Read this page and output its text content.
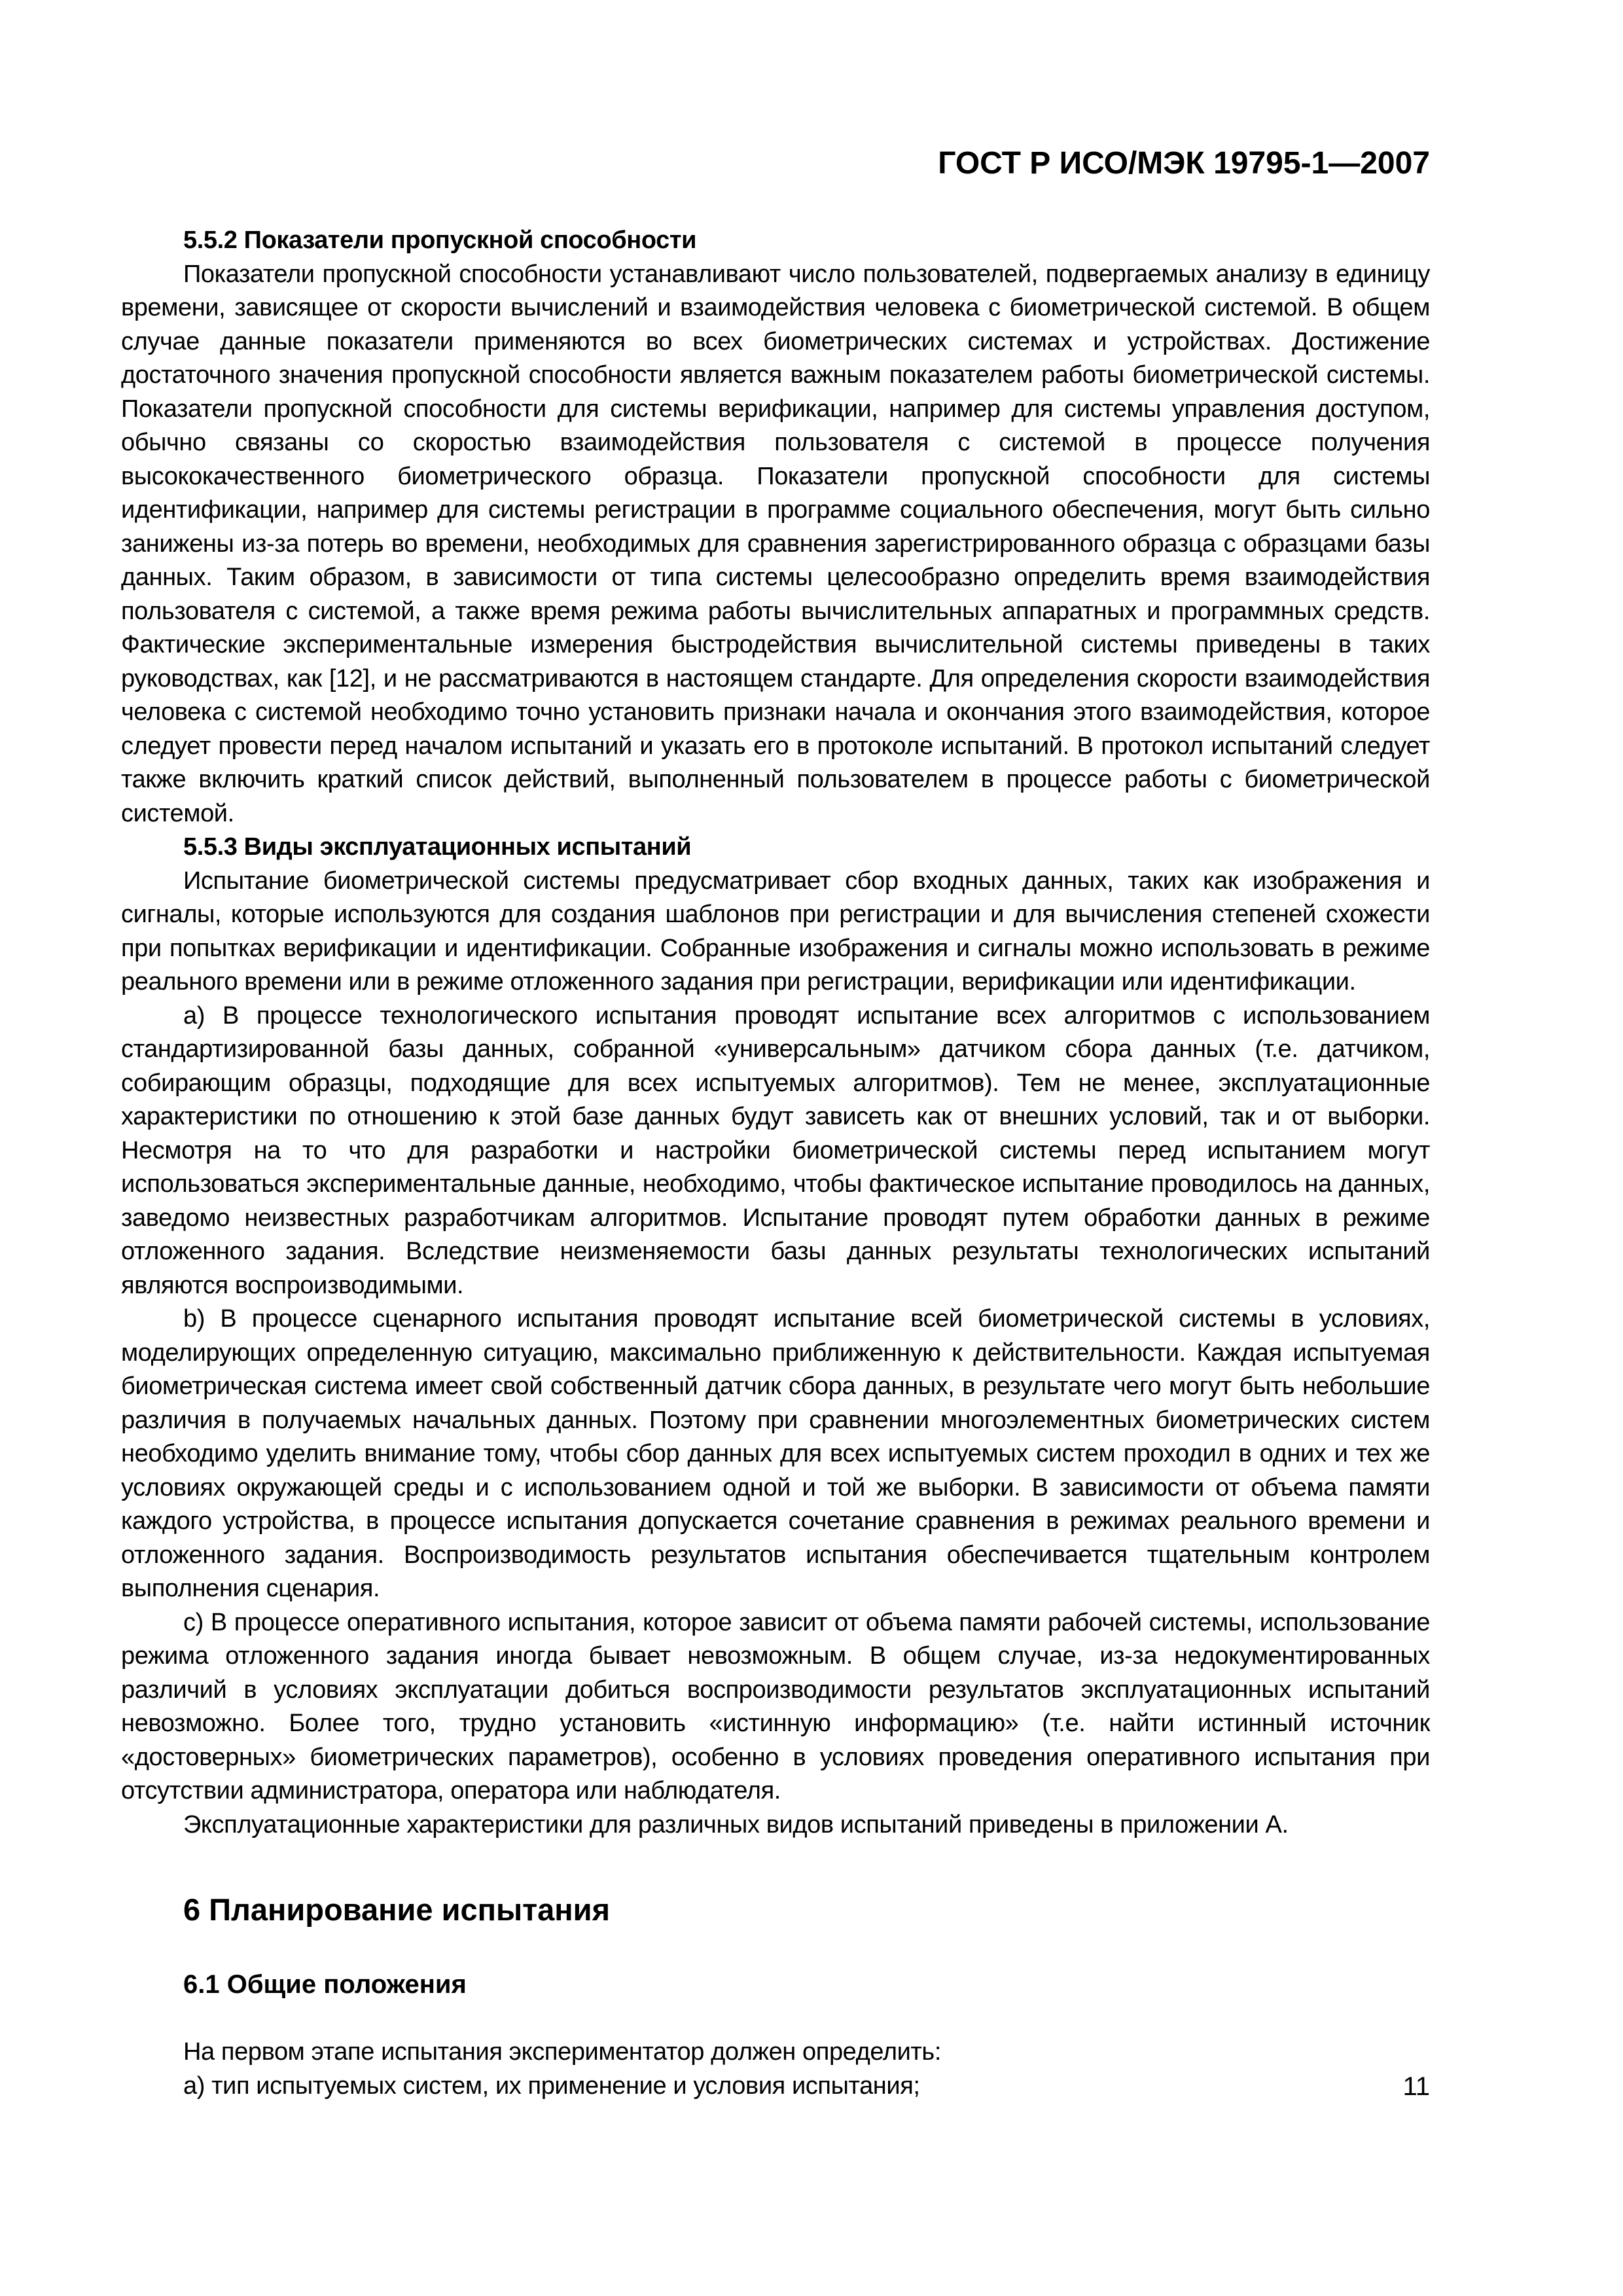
ГОСТ Р ИСО/МЭК 19795-1—2007
5.5.2 Показатели пропускной способности

Показатели пропускной способности устанавливают число пользователей, подвергаемых анализу в единицу времени, зависящее от скорости вычислений и взаимодействия человека с биометрической системой. В общем случае данные показатели применяются во всех биометрических системах и устройствах. Достижение достаточного значения пропускной способности является важным показателем работы биометрической системы. Показатели пропускной способности для системы верификации, например для системы управления доступом, обычно связаны со скоростью взаимодействия пользователя с системой в процессе получения высококачественного биометрического образца. Показатели пропускной способности для системы идентификации, например для системы регистрации в программе социального обеспечения, могут быть сильно занижены из-за потерь во времени, необходимых для сравнения зарегистрированного образца с образцами базы данных. Таким образом, в зависимости от типа системы целесообразно определить время взаимодействия пользователя с системой, а также время режима работы вычислительных аппаратных и программных средств. Фактические экспериментальные измерения быстродействия вычислительной системы приведены в таких руководствах, как [12], и не рассматриваются в настоящем стандарте. Для определения скорости взаимодействия человека с системой необходимо точно установить признаки начала и окончания этого взаимодействия, которое следует провести перед началом испытаний и указать его в протоколе испытаний. В протокол испытаний следует также включить краткий список действий, выполненный пользователем в процессе работы с биометрической системой.

5.5.3 Виды эксплуатационных испытаний

Испытание биометрической системы предусматривает сбор входных данных, таких как изображения и сигналы, которые используются для создания шаблонов при регистрации и для вычисления степеней схожести при попытках верификации и идентификации. Собранные изображения и сигналы можно использовать в режиме реального времени или в режиме отложенного задания при регистрации, верификации или идентификации.

a) В процессе технологического испытания проводят испытание всех алгоритмов с использованием стандартизированной базы данных, собранной «универсальным» датчиком сбора данных (т.е. датчиком, собирающим образцы, подходящие для всех испытуемых алгоритмов). Тем не менее, эксплуатационные характеристики по отношению к этой базе данных будут зависеть как от внешних условий, так и от выборки. Несмотря на то что для разработки и настройки биометрической системы перед испытанием могут использоваться экспериментальные данные, необходимо, чтобы фактическое испытание проводилось на данных, заведомо неизвестных разработчикам алгоритмов. Испытание проводят путем обработки данных в режиме отложенного задания. Вследствие неизменяемости базы данных результаты технологических испытаний являются воспроизводимыми.

b) В процессе сценарного испытания проводят испытание всей биометрической системы в условиях, моделирующих определенную ситуацию, максимально приближенную к действительности. Каждая испытуемая биометрическая система имеет свой собственный датчик сбора данных, в результате чего могут быть небольшие различия в получаемых начальных данных. Поэтому при сравнении многоэлементных биометрических систем необходимо уделить внимание тому, чтобы сбор данных для всех испытуемых систем проходил в одних и тех же условиях окружающей среды и с использованием одной и той же выборки. В зависимости от объема памяти каждого устройства, в процессе испытания допускается сочетание сравнения в режимах реального времени и отложенного задания. Воспроизводимость результатов испытания обеспечивается тщательным контролем выполнения сценария.

c) В процессе оперативного испытания, которое зависит от объема памяти рабочей системы, использование режима отложенного задания иногда бывает невозможным. В общем случае, из-за недокументированных различий в условиях эксплуатации добиться воспроизводимости результатов эксплуатационных испытаний невозможно. Более того, трудно установить «истинную информацию» (т.е. найти истинный источник «достоверных» биометрических параметров), особенно в условиях проведения оперативного испытания при отсутствии администратора, оператора или наблюдателя.

Эксплуатационные характеристики для различных видов испытаний приведены в приложении А.

6 Планирование испытания
6.1 Общие положения

На первом этапе испытания экспериментатор должен определить:

а) тип испытуемых систем, их применение и условия испытания;	11
